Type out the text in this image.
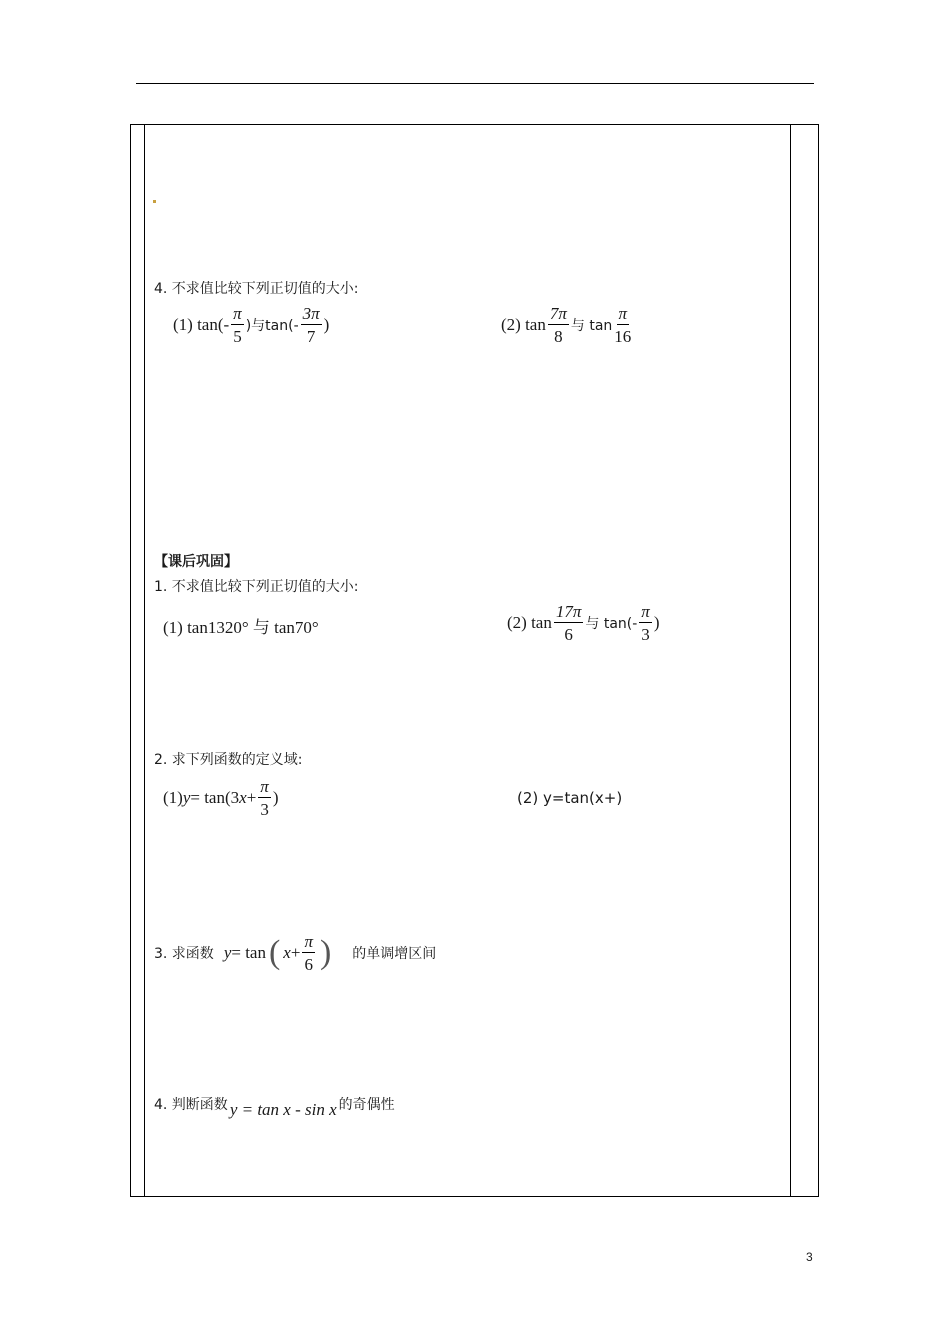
4. 不求值比较下列正切值的大小:
(1) $\tan(- \frac{\pi}{5}$ )与$\tan(- \frac{3\pi}{7}$ )	(2) $\tan \frac{7\pi}{8}$ 与 $\tan \frac{\pi}{16}$
【课后巩固】
1. 不求值比较下列正切值的大小:
(1) tan1320° 与 tan70°	(2) $\tan \frac{17\pi}{6}$ 与 $\tan(- \frac{\pi}{3}$ )
2. 求下列函数的定义域:
(1) y = tan(3 $x + \frac{\pi}{3}$ )	(2) y=tan(x+)
3. 求函数 y = tan ( $x + \frac{\pi}{6}$ ) 的单调增区间
4. 判断函数 y = tan x - sin x 的奇偶性
3
